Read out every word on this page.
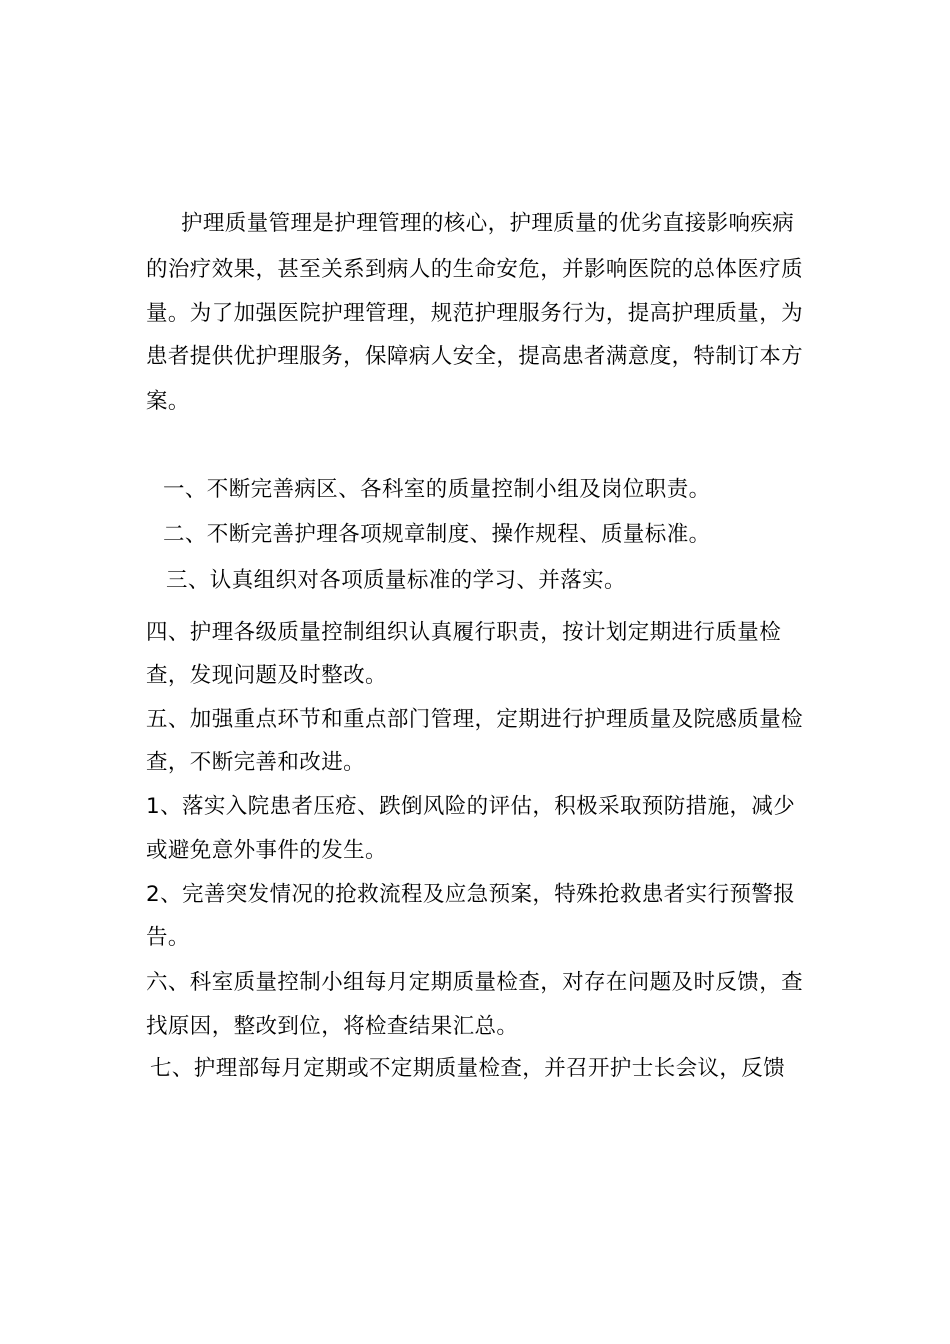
护理质量管理是护理管理的核心，护理质量的优劣直接影响疾病
的治疗效果，甚至关系到病人的生命安危，并影响医院的总体医疗质
量。为了加强医院护理管理，规范护理服务行为，提高护理质量，为
患者提供优护理服务，保障病人安全，提高患者满意度，特制订本方
案。
一、不断完善病区、各科室的质量控制小组及岗位职责。
二、不断完善护理各项规章制度、操作规程、质量标准。
三、认真组织对各项质量标准的学习、并落实。
四、护理各级质量控制组织认真履行职责，按计划定期进行质量检
查，发现问题及时整改。
五、加强重点环节和重点部门管理，定期进行护理质量及院感质量检
查，不断完善和改进。
1、落实入院患者压疮、跌倒风险的评估，积极采取预防措施，减少
或避免意外事件的发生。
2、完善突发情况的抢救流程及应急预案，特殊抢救患者实行预警报
告。
六、科室质量控制小组每月定期质量检查，对存在问题及时反馈，查
找原因，整改到位，将检查结果汇总。
七、护理部每月定期或不定期质量检查，并召开护士长会议，反馈
